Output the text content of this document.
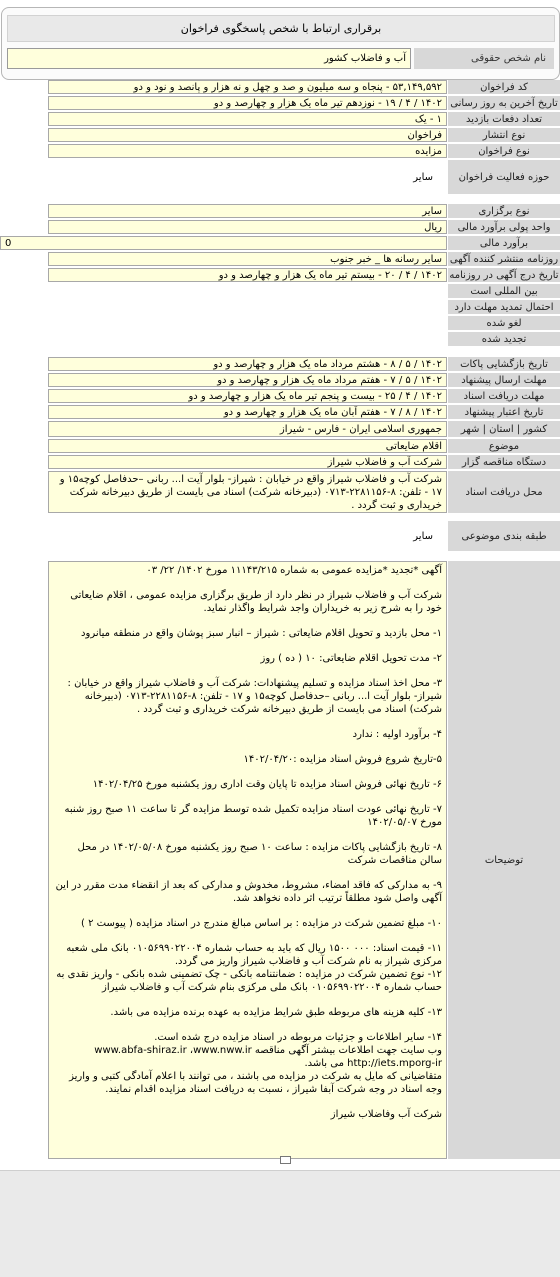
برقراری ارتباط با شخص پاسخگوی فراخوان
نام شخص حقوقی
آب و فاضلاب کشور
کد فراخوان
۵۳,۱۴۹,۵۹۲ - پنجاه و سه میلیون و صد و چهل و نه هزار و پانصد و نود و دو
تاریخ آخرین به روز رسانی
۱۴۰۲ / ۴ / ۱۹ - نوزدهم تیر ماه یک هزار و چهارصد و دو
تعداد دفعات بازدید
۱ - یک
نوع انتشار
فراخوان
نوع فراخوان
مزایده
حوزه فعالیت فراخوان
سایر
نوع برگزاری
سایر
واحد پولی برآورد مالی
ریال
برآورد مالی
0
روزنامه منتشر کننده آگهی
سایر رسانه ها _ خبر جنوب
تاریخ درج آگهی در روزنامه
۱۴۰۲ / ۴ / ۲۰ - بیستم تیر ماه یک هزار و چهارصد و دو
بین المللی است
احتمال تمدید مهلت دارد
لغو شده
تجدید شده
تاریخ بازگشایی پاکات
۱۴۰۲ / ۵ / ۸ - هشتم مرداد ماه یک هزار و چهارصد و دو
مهلت ارسال پیشنهاد
۱۴۰۲ / ۵ / ۷ - هفتم مرداد ماه یک هزار و چهارصد و دو
مهلت دریافت اسناد
۱۴۰۲ / ۴ / ۲۵ - بیست و پنجم تیر ماه یک هزار و چهارصد و دو
تاریخ اعتبار پیشنهاد
۱۴۰۲ / ۸ / ۷ - هفتم آبان ماه یک هزار و چهارصد و دو
کشور | استان | شهر
جمهوری اسلامی ایران - فارس - شیراز
موضوع
اقلام ضایعاتی
دستگاه مناقصه گزار
شرکت آب و فاضلاب شیراز
محل دریافت اسناد
شرکت آب و فاضلاب شیراز واقع در خیابان : شیراز- بلوار آیت ا... ربانی –حدفاصل کوچه۱۵ و ۱۷ - تلفن: ۸-۲۲۸۱۱۵۶-۰۷۱۳ (دبیرخانه شرکت) اسناد می بایست از طریق دبیرخانه شرکت خریداری و ثبت گردد .
طبقه بندی موضوعی
سایر
توضیحات

آگهی *تجدید *مزایده عمومی به شماره ۱۱۱۴۳/۲۱۵ مورخ ۱۴۰۲/ ۲۲/ ۰۳

شرکت آب و فاضلاب شیراز در نظر دارد از طریق برگزاری مزایده عمومی ، اقلام ضایعاتی خود را به شرح زیر به خریداران واجد شرایط واگذار نماید.

۱- محل بازدید و تحویل اقلام ضایعاتی : شیراز – انبار سبز پوشان واقع در منطقه میانرود

۲- مدت تحویل اقلام ضایعاتی: ۱۰ ( ده ) روز

۳- محل اخذ اسناد مزایده و تسلیم پیشنهادات: شرکت آب و فاضلاب شیراز واقع در خیابان : شیراز- بلوار آیت ا... ربانی –حدفاصل کوچه۱۵ و ۱۷ - تلفن: ۸-۲۲۸۱۱۵۶-۰۷۱۳ (دبیرخانه شرکت) اسناد می بایست از طریق دبیرخانه شرکت خریداری و ثبت گردد .

۴- برآورد اولیه : ندارد

۵-تاریخ شروع فروش اسناد مزایده :۱۴۰۲/۰۴/۲۰

۶- تاریخ نهائی فروش اسناد مزایده تا پایان وقت اداری روز یکشنبه مورخ ۱۴۰۲/۰۴/۲۵

۷- تاریخ نهائی عودت اسناد مزایده تکمیل شده توسط مزایده گر تا ساعت ۱۱ صبح روز شنبه مورخ ۱۴۰۲/۰۵/۰۷

۸- تاریخ بازگشایی پاکات مزایده : ساعت ۱۰ صبح روز یکشنبه مورخ ۱۴۰۲/۰۵/۰۸ در محل سالن مناقصات شرکت

۹- به مدارکی که فاقد امضاء، مشروط، مخدوش و مدارکی که بعد از انقضاء مدت مقرر در این آگهی واصل شود مطلقاً ترتیب اثر داده نخواهد شد.

۱۰- مبلغ تضمین شرکت در مزایده : بر اساس مبالغ مندرج در اسناد مزایده ( پیوست ۲ )

۱۱- قیمت اسناد: ۰۰۰ ۱۵۰۰ ریال که باید به حساب شماره ۰۱۰۵۶۹۹۰۲۲۰۰۴ بانک ملی شعبه مرکزی شیراز به نام شرکت آب و فاضلاب شیراز واریز می گردد.
۱۲- نوع تضمین شرکت در مزایده : ضمانتنامه بانکی - چک تضمینی شده بانکی - واریز نقدی به حساب شماره ۰۱۰۵۶۹۹۰۲۲۰۰۴ بانک ملی مرکزی بنام شرکت آب و فاضلاب شیراز

۱۳- کلیه هزینه های مربوطه طبق شرایط مزایده به عهده برنده مزایده می باشد.

۱۴- سایر اطلاعات و جزئیات مربوطه در اسناد مزایده درج شده است.
وب سایت جهت اطلاعات بیشتر آگهی مناقصه www.abfa-shiraz.ir ،www.nww.ir
http://iets.mporg-ir می باشد.
متقاضیانی که مایل به شرکت در مزایده می باشند ، می توانند با اعلام آمادگی کتبی و واریز وجه اسناد در وجه شرکت آبفا شیراز ، نسبت به دریافت اسناد مزایده اقدام نمایند.

شرکت آب وفاضلاب شیراز
